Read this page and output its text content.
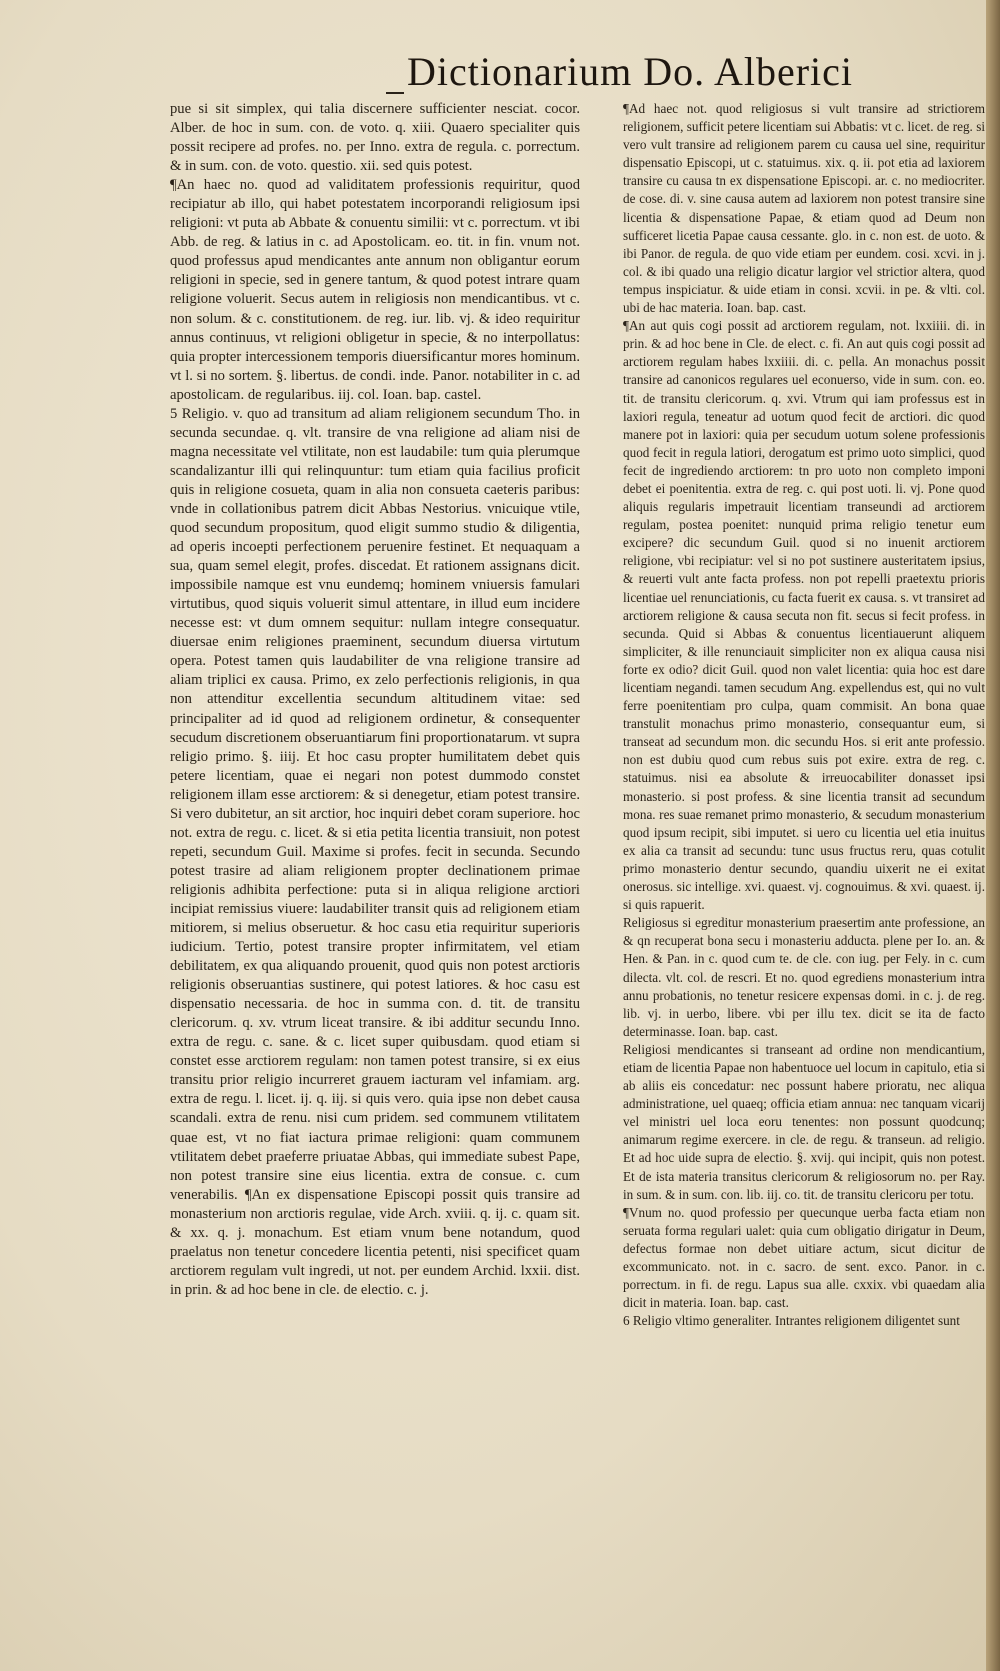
Dictionarium Do. Alberici

pue si sit simplex, qui talia discernere sufficienter nesciat. cocor. Alber. de hoc in sum. con. de voto. q. xiii. Quaero specialiter quis possit recipere ad profes. no. per Inno. extra de regula. c. porrectum. & in sum. con. de voto. questio. xii. sed quis potest.

¶An haec no. quod ad validitatem professionis requiritur, quod recipiatur ab illo, qui habet potestatem incorporandi religiosum ipsi religioni: vt puta ab Abbate & conuentu similii: vt c. porrectum. vt ibi Abb. de reg. & latius in c. ad Apostolicam. eo. tit. in fin. vnum not. quod professus apud mendicantes ante annum non obligantur eorum religioni in specie, sed in genere tantum, & quod potest intrare quam religione voluerit. Secus autem in religiosis non mendicantibus. vt c. non solum. & c. constitutionem. de reg. iur. lib. vj. & ideo requiritur annus continuus, vt religioni obligetur in specie, & no interpollatus: quia propter intercessionem temporis diuersificantur mores hominum. vt l. si no sortem. §. libertus. de condi. inde. Panor. notabiliter in c. ad apostolicam. de regularibus. iij. col. Ioan. bap. castel.

5 Religio. v. quo ad transitum ad aliam religionem secundum Tho. in secunda secundae. q. vlt. transire de vna religione ad aliam nisi de magna necessitate vel vtilitate, non est laudabile: tum quia plerumque scandalizantur illi qui relinquuntur: tum etiam quia facilius proficit quis in religione cosueta, quam in alia non consueta caeteris paribus: vnde in collationibus patrem dicit Abbas Nestorius. vnicuique vtile, quod secundum propositum, quod eligit summo studio & diligentia, ad operis incoepti perfectionem peruenire festinet. Et nequaquam a sua, quam semel elegit, profes. discedat. Et rationem assignans dicit. impossibile namque est vnu eundemq; hominem vniuersis famulari virtutibus, quod siquis voluerit simul attentare, in illud eum incidere necesse est: vt dum omnem sequitur: nullam integre consequatur. diuersae enim religiones praeminent, secundum diuersa virtutum opera. Potest tamen quis laudabiliter de vna religione transire ad aliam triplici ex causa. Primo, ex zelo perfectionis religionis, in qua non attenditur excellentia secundum altitudinem vitae: sed principaliter ad id quod ad religionem ordinetur, & consequenter secudum discretionem obseruantiarum fini proportionatarum. vt supra religio primo. §. iiij. Et hoc casu propter humilitatem debet quis petere licentiam, quae ei negari non potest dummodo constet religionem illam esse arctiorem: & si denegetur, etiam potest transire. Si vero dubitetur, an sit arctior, hoc inquiri debet coram superiore. hoc not. extra de regu. c. licet. & si etia petita licentia transiuit, non potest repeti, secundum Guil. Maxime si profes. fecit in secunda. Secundo potest trasire ad aliam religionem propter declinationem primae religionis adhibita perfectione: puta si in aliqua religione arctiori incipiat remissius viuere: laudabiliter transit quis ad religionem etiam mitiorem, si melius obseruetur. & hoc casu etia requiritur superioris iudicium. Tertio, potest transire propter infirmitatem, vel etiam debilitatem, ex qua aliquando prouenit, quod quis non potest arctioris religionis obseruantias sustinere, qui potest latiores. & hoc casu est dispensatio necessaria. de hoc in summa con. d. tit. de transitu clericorum. q. xv. vtrum liceat transire. & ibi additur secundu Inno. extra de regu. c. sane. & c. licet super quibusdam. quod etiam si constet esse arctiorem regulam: non tamen potest transire, si ex eius transitu prior religio incurreret grauem iacturam vel infamiam. arg. extra de regu. l. licet. ij. q. iij. si quis vero. quia ipse non debet causa scandali. extra de renu. nisi cum pridem. sed communem vtilitatem quae est, vt no fiat iactura primae religioni: quam communem vtilitatem debet praeferre priuatae Abbas, qui immediate subest Pape, non potest transire sine eius licentia. extra de consue. c. cum venerabilis. ¶An ex dispensatione Episcopi possit quis transire ad monasterium non arctioris regulae, vide Arch. xviii. q. ij. c. quam sit. & xx. q. j. monachum. Est etiam vnum bene notandum, quod praelatus non tenetur concedere licentia petenti, nisi specificet quam arctiorem regulam vult ingredi, ut not. per eundem Archid. lxxii. dist. in prin. & ad hoc bene in cle. de electio. c. j.

¶Ad haec not. quod religiosus si vult transire ad strictiorem religionem, sufficit petere licentiam sui Abbatis: vt c. licet. de reg. si vero vult transire ad religionem parem cu causa uel sine, requiritur dispensatio Episcopi, ut c. statuimus. xix. q. ii. pot etia ad laxiorem transire cu causa tn ex dispensatione Episcopi. ar. c. no mediocriter. de cose. di. v. sine causa autem ad laxiorem non potest transire sine licentia & dispensatione Papae, & etiam quod ad Deum non sufficeret licetia Papae causa cessante. glo. in c. non est. de uoto. & ibi Panor. de regula. de quo vide etiam per eundem. cosi. xcvi. in j. col. & ibi quado una religio dicatur largior vel strictior altera, quod tempus inspiciatur. & uide etiam in consi. xcvii. in pe. & vlti. col. ubi de hac materia. Ioan. bap. cast.

¶An aut quis cogi possit ad arctiorem regulam, not. lxxiiii. di. in prin. & ad hoc bene in Cle. de elect. c. fi. An aut quis cogi possit ad arctiorem regulam habes lxxiiii. di. c. pella. An monachus possit transire ad canonicos regulares uel econuerso, vide in sum. con. eo. tit. de transitu clericorum. q. xvi. Vtrum qui iam professus est in laxiori regula, teneatur ad uotum quod fecit de arctiori. dic quod manere pot in laxiori: quia per secudum uotum solene professionis quod fecit in regula latiori, derogatum est primo uoto simplici, quod fecit de ingrediendo arctiorem: tn pro uoto non completo imponi debet ei poenitentia. extra de reg. c. qui post uoti. li. vj. Pone quod aliquis regularis impetrauit licentiam transeundi ad arctiorem regulam, postea poenitet: nunquid prima religio tenetur eum excipere? dic secundum Guil. quod si no inuenit arctiorem religione, vbi recipiatur: vel si no pot sustinere austeritatem ipsius, & reuerti vult ante facta profess. non pot repelli praetextu prioris licentiae uel renunciationis, cu facta fuerit ex causa. s. vt transiret ad arctiorem religione & causa secuta non fit. secus si fecit profess. in secunda. Quid si Abbas & conuentus licentiauerunt aliquem simpliciter, & ille renunciauit simpliciter non ex aliqua causa nisi forte ex odio? dicit Guil. quod non valet licentia: quia hoc est dare licentiam negandi. tamen secudum Ang. expellendus est, qui no vult ferre poenitentiam pro culpa, quam commisit. An bona quae transtulit monachus primo monasterio, consequantur eum, si transeat ad secundum mon. dic secundu Hos. si erit ante professio. non est dubiu quod cum rebus suis pot exire. extra de reg. c. statuimus. nisi ea absolute & irreuocabiliter donasset ipsi monasterio. si post profess. & sine licentia transit ad secundum mona. res suae remanet primo monasterio, & secudum monasterium quod ipsum recipit, sibi imputet. si uero cu licentia uel etia inuitus ex alia ca transit ad secundu: tunc usus fructus reru, quas cotulit primo monasterio dentur secundo, quandiu uixerit ne ei exitat onerosus. sic intellige. xvi. quaest. vj. cognouimus. & xvi. quaest. ij. si quis rapuerit.

Religiosus si egreditur monasterium praesertim ante professione, an & qn recuperat bona secu i monasteriu adducta. plene per Io. an. & Hen. & Pan. in c. quod cum te. de cle. con iug. per Fely. in c. cum dilecta. vlt. col. de rescri. Et no. quod egrediens monasterium intra annu probationis, no tenetur resicere expensas domi. in c. j. de reg. lib. vj. in uerbo, libere. vbi per illu tex. dicit se ita de facto determinasse. Ioan. bap. cast.

Religiosi mendicantes si transeant ad ordine non mendicantium, etiam de licentia Papae non habentuoce uel locum in capitulo, etia si ab aliis eis concedatur: nec possunt habere prioratu, nec aliqua administratione, uel quaeq; officia etiam annua: nec tanquam vicarij vel ministri uel loca eoru tenentes: non possunt quodcunq; animarum regime exercere. in cle. de regu. & transeun. ad religio. Et ad hoc uide supra de electio. §. xvij. qui incipit, quis non potest. Et de ista materia transitus clericorum & religiosorum no. per Ray. in sum. & in sum. con. lib. iij. co. tit. de transitu clericoru per totu.

¶Vnum no. quod professio per quecunque uerba facta etiam non seruata forma regulari ualet: quia cum obligatio dirigatur in Deum, defectus formae non debet uitiare actum, sicut dicitur de excommunicato. not. in c. sacro. de sent. exco. Panor. in c. porrectum. in fi. de regu. Lapus sua alle. cxxix. vbi quaedam alia dicit in materia. Ioan. bap. cast.

6 Religio vltimo generaliter. Intrantes religionem diligentet sunt
